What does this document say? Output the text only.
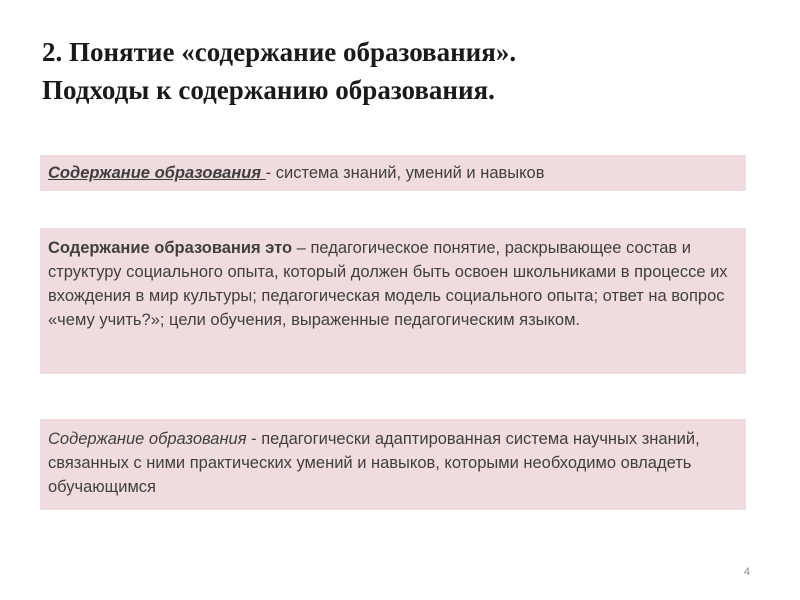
2. Понятие «содержание образования».
Подходы к содержанию образования.
Содержание образования - система знаний, умений и навыков
Содержание образования это – педагогическое понятие, раскрывающее состав и структуру социального опыта, который должен быть освоен школьниками в процессе их вхождения в мир культуры; педагогическая модель социального опыта; ответ на вопрос «чему учить?»; цели обучения, выраженные педагогическим языком.
Содержание образования - педагогически адаптированная система научных знаний, связанных с ними практических умений и навыков, которыми необходимо овладеть обучающимся
4
